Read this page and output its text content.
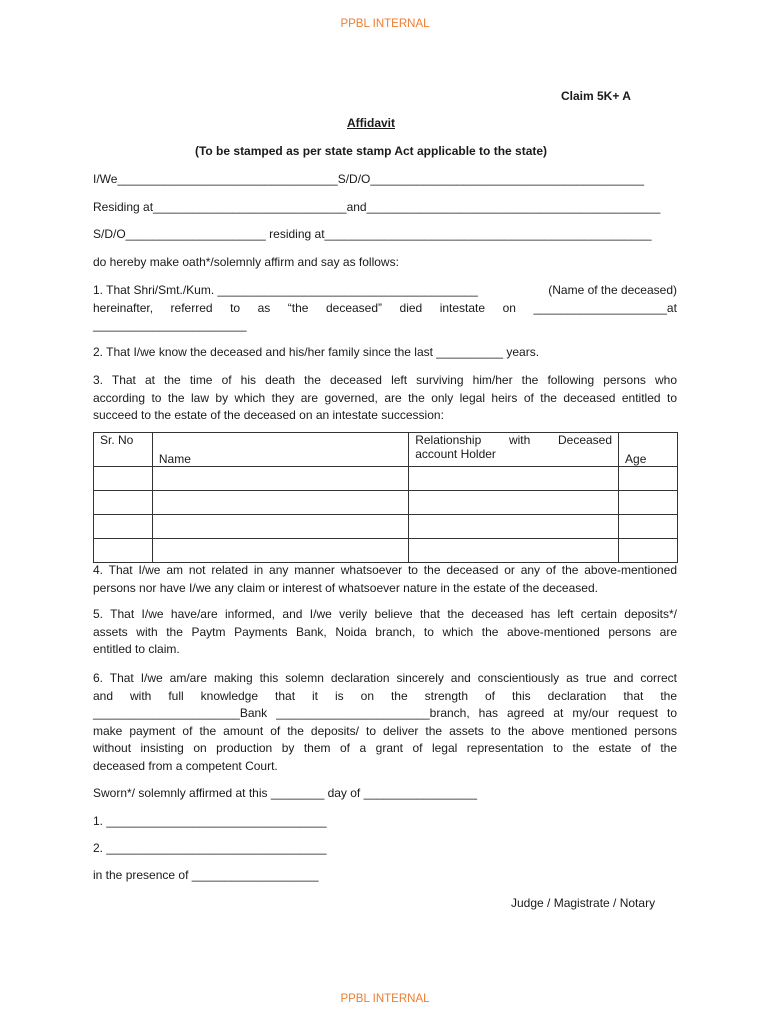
PPBL INTERNAL
Claim 5K+ A
Affidavit
(To be stamped as per state stamp Act applicable to the state)
I/We_________________________________S/D/O_________________________________________
Residing at_____________________________and____________________________________________
S/D/O_____________________ residing at_________________________________________________
do hereby make oath*/solemnly affirm and say as follows:
1. That Shri/Smt./Kum. _______________________________________	(Name of the deceased)
hereinafter, referred to as “the deceased” died intestate on ____________________at
_______________________
2. That I/we know the deceased and his/her family since the last __________ years.
3. That at the time of his death the deceased left surviving him/her the following persons who
according to the law by which they are governed, are the only legal heirs of the deceased entitled to
succeed to the estate of the deceased on an intestate succession:
Sr. No	Name	Relationship with Deceased
account Holder	Age

4. That I/we am not related in any manner whatsoever to the deceased or any of the above-mentioned
persons nor have I/we any claim or interest of whatsoever nature in the estate of the deceased.
5. That I/we have/are informed, and I/we verily believe that the deceased has left certain deposits*/
assets with the Paytm Payments Bank, Noida branch, to which the above-mentioned persons are
entitled to claim.
6. That I/we am/are making this solemn declaration sincerely and conscientiously as true and correct
and with full knowledge that it is on the strength of this declaration that the
______________________Bank _______________________branch, has agreed at my/our request to
make payment of the amount of the deposits/ to deliver the assets to the above mentioned persons
without insisting on production by them of a grant of legal representation to the estate of the
deceased from a competent Court.
Sworn*/ solemnly affirmed at this ________ day of _________________
1. _________________________________
2. _________________________________
in the presence of ___________________
Judge / Magistrate / Notary
PPBL INTERNAL
